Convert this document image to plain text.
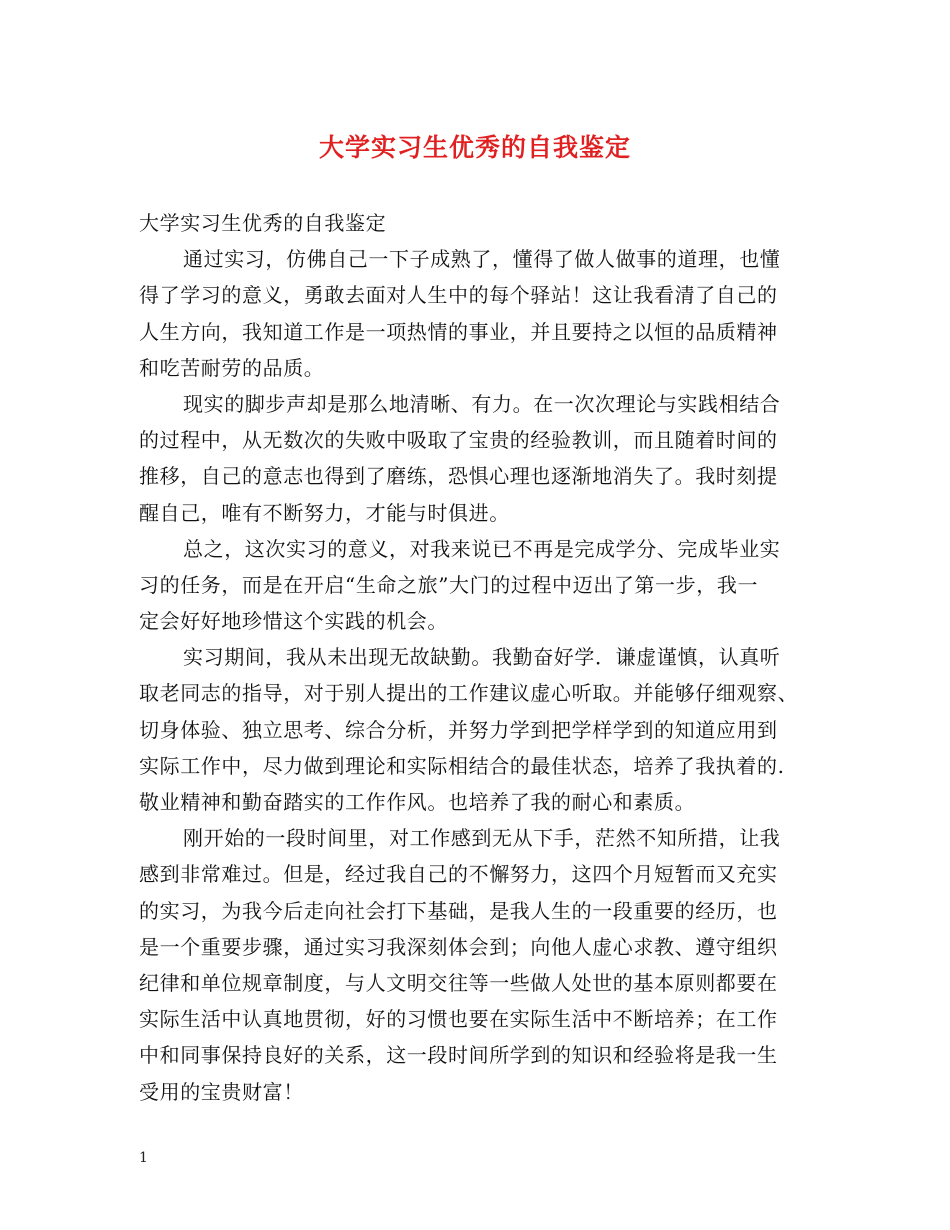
大学实习生优秀的自我鉴定
大学实习生优秀的自我鉴定
通过实习，仿佛自己一下子成熟了，懂得了做人做事的道理，也懂
得了学习的意义，勇敢去面对人生中的每个驿站！这让我看清了自己的
人生方向，我知道工作是一项热情的事业，并且要持之以恒的品质精神
和吃苦耐劳的品质。
现实的脚步声却是那么地清晰、有力。在一次次理论与实践相结合
的过程中，从无数次的失败中吸取了宝贵的经验教训，而且随着时间的
推移，自己的意志也得到了磨练，恐惧心理也逐渐地消失了。我时刻提
醒自己，唯有不断努力，才能与时俱进。
总之，这次实习的意义，对我来说已不再是完成学分、完成毕业实
习的任务，而是在开启“生命之旅”大门的过程中迈出了第一步，我一
定会好好地珍惜这个实践的机会。
实习期间，我从未出现无故缺勤。我勤奋好学．谦虚谨慎，认真听
取老同志的指导，对于别人提出的工作建议虚心听取。并能够仔细观察、
切身体验、独立思考、综合分析，并努力学到把学样学到的知道应用到
实际工作中，尽力做到理论和实际相结合的最佳状态，培养了我执着的.
敬业精神和勤奋踏实的工作作风。也培养了我的耐心和素质。
刚开始的一段时间里，对工作感到无从下手，茫然不知所措，让我
感到非常难过。但是，经过我自己的不懈努力，这四个月短暂而又充实
的实习，为我今后走向社会打下基础，是我人生的一段重要的经历，也
是一个重要步骤，通过实习我深刻体会到；向他人虚心求教、遵守组织
纪律和单位规章制度，与人文明交往等一些做人处世的基本原则都要在
实际生活中认真地贯彻，好的习惯也要在实际生活中不断培养；在工作
中和同事保持良好的关系，这一段时间所学到的知识和经验将是我一生
受用的宝贵财富！
1
